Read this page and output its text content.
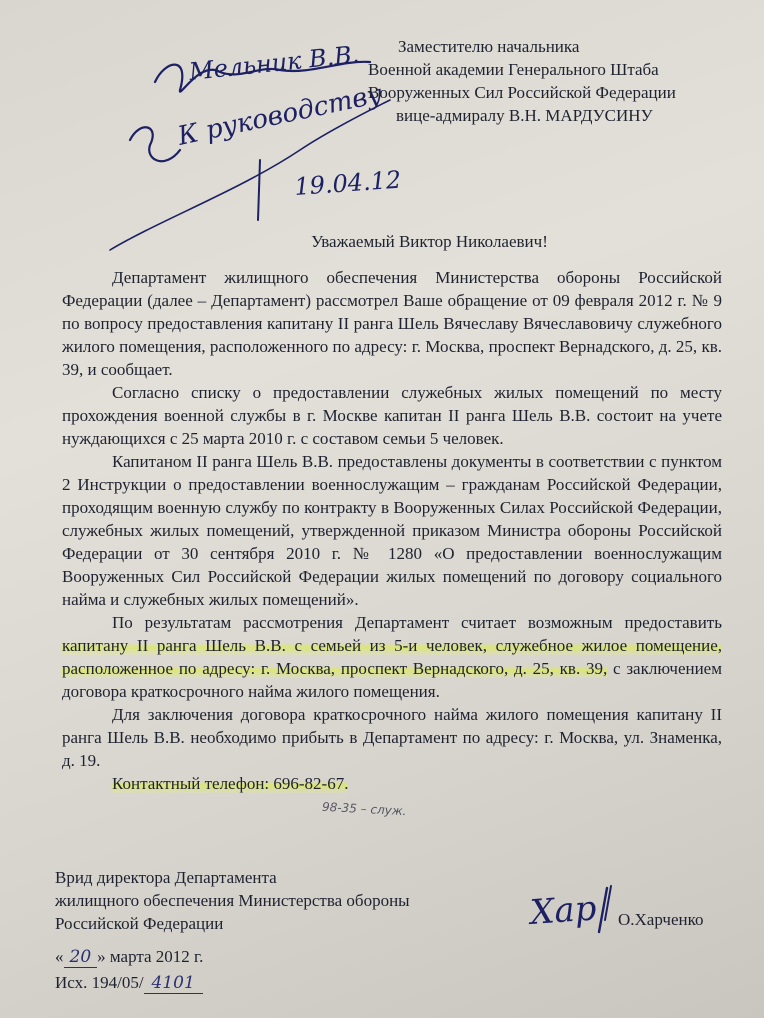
Мельник В.В.
К руководству
19.04.12
Заместителю начальника
Военной академии Генерального Штаба
Вооруженных Сил Российской Федерации
вице-адмиралу В.Н. МАРДУСИНУ
Уважаемый Виктор Николаевич!

Департамент жилищного обеспечения Министерства обороны Российской Федерации (далее – Департамент) рассмотрел Ваше обращение от 09 февраля 2012 г. № 9 по вопросу предоставления капитану II ранга Шель Вячеславу Вячеславовичу служебного жилого помещения, расположенного по адресу: г. Москва, проспект Вернадского, д. 25, кв. 39, и сообщает.

Согласно списку о предоставлении служебных жилых помещений по месту прохождения военной службы в г. Москве капитан II ранга Шель В.В. состоит на учете нуждающихся с 25 марта 2010 г. с составом семьи 5 человек.

Капитаном II ранга Шель В.В. предоставлены документы в соответствии с пунктом 2 Инструкции о предоставлении военнослужащим – гражданам Российской Федерации, проходящим военную службу по контракту в Вооруженных Силах Российской Федерации, служебных жилых помещений, утвержденной приказом Министра обороны Российской Федерации от 30 сентября 2010 г. № 1280 «О предоставлении военнослужащим Вооруженных Сил Российской Федерации жилых помещений по договору социального найма и служебных жилых помещений».

По результатам рассмотрения Департамент считает возможным предоставить капитану II ранга Шель В.В. с семьей из 5-и человек, служебное жилое помещение, расположенное по адресу: г. Москва, проспект Вернадского, д. 25, кв. 39, с заключением договора краткосрочного найма жилого помещения.

Для заключения договора краткосрочного найма жилого помещения капитану II ранга Шель В.В. необходимо прибыть в Департамент по адресу: г. Москва, ул. Знаменка, д. 19.

Контактный телефон: 696-82-67.

98-35 – служ.
Врид директора Департамента
жилищного обеспечения Министерства обороны
Российской Федерации	Хар О.Харченко
« 20 » марта 2012 г.
Исх. 194/05/ 4101
